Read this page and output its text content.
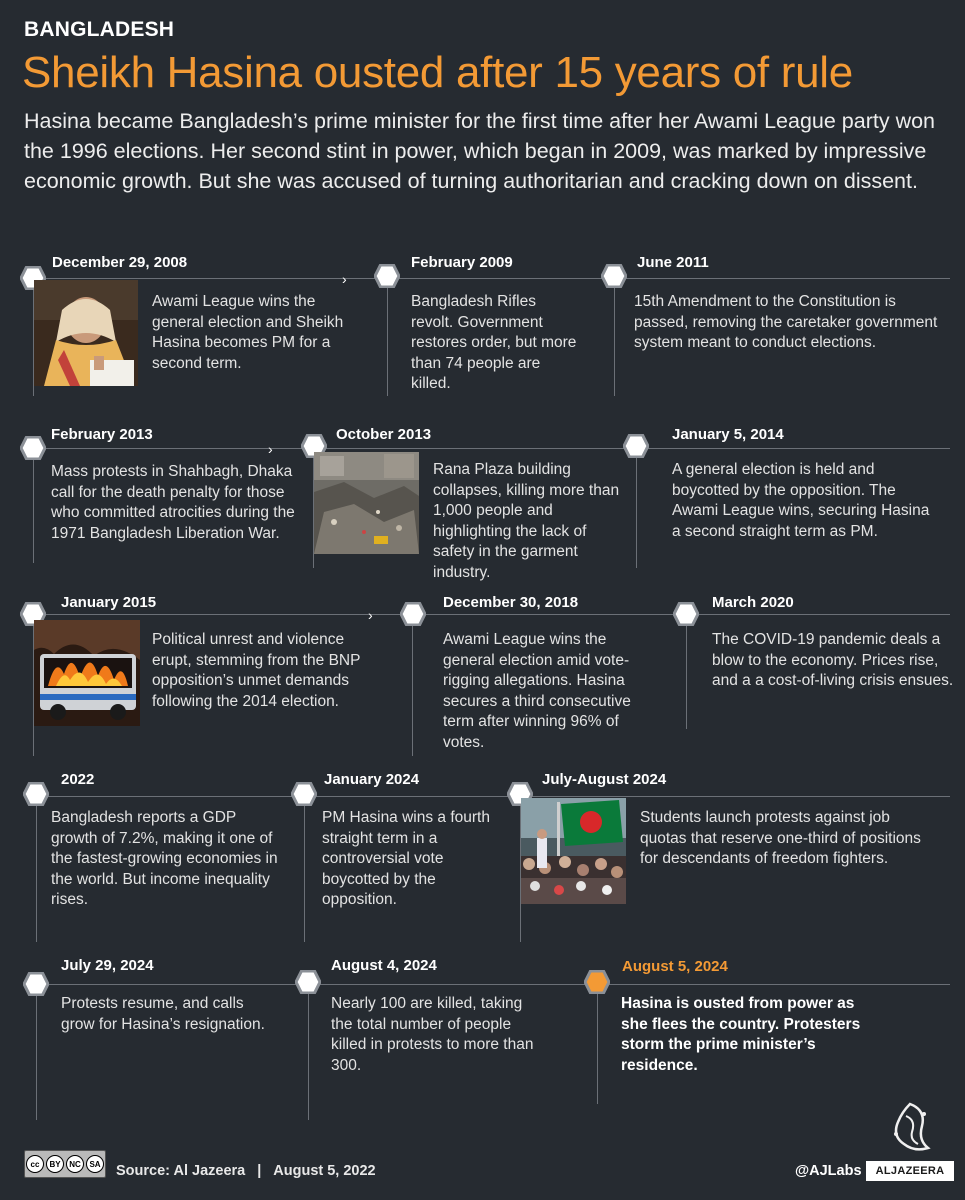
BANGLADESH
Sheikh Hasina ousted after 15 years of rule
Hasina became Bangladesh’s prime minister for the first time after her Awami League party won the 1996 elections. Her second stint in power, which began in 2009, was marked by impressive economic growth. But she was accused of turning authoritarian and cracking down on dissent.
December 29, 2008
Awami League wins the general election and Sheikh Hasina becomes PM for a second term.
›
February 2009
Bangladesh Rifles revolt. Government restores order, but more than 74 people are killed.
June 2011
15th Amendment to the Constitution is passed, removing the caretaker government system meant to conduct elections.
February 2013
Mass protests in Shahbagh, Dhaka call for the death penalty for those who committed atrocities during the 1971 Bangladesh Liberation War.
›
October 2013
Rana Plaza building collapses, killing more than 1,000 people and highlighting the lack of safety in the garment industry.
January 5, 2014
A general election is held and boycotted by the opposition. The Awami League wins, securing Hasina a second straight term as PM.
January 2015
Political unrest and violence erupt, stemming from the BNP opposition’s unmet demands following the 2014 election.
›
December 30, 2018
Awami League wins the general election amid vote-rigging allegations. Hasina secures a third consecutive term after winning 96% of votes.
March 2020
The COVID-19 pandemic deals a blow to the economy. Prices rise, and a a cost-of-living crisis ensues.
2022
Bangladesh reports a GDP growth of 7.2%, making it one of the fastest-growing economies in the world. But income inequality rises.
January 2024
PM Hasina wins a fourth straight term in a controversial vote boycotted by the opposition.
July-August 2024
Students launch protests against job quotas that reserve one-third of positions for descendants of freedom fighters.
July 29, 2024
Protests resume, and calls grow for Hasina’s resignation.
August 4, 2024
Nearly 100 are killed, taking the total number of people killed in protests to more than 300.
August 5, 2024
Hasina is ousted from power as she flees the country. Protesters storm the prime minister’s residence.
cc	BY	NC	SA Source: Al Jazeera | August 5, 2022	@AJLabs	ALJAZEERA
